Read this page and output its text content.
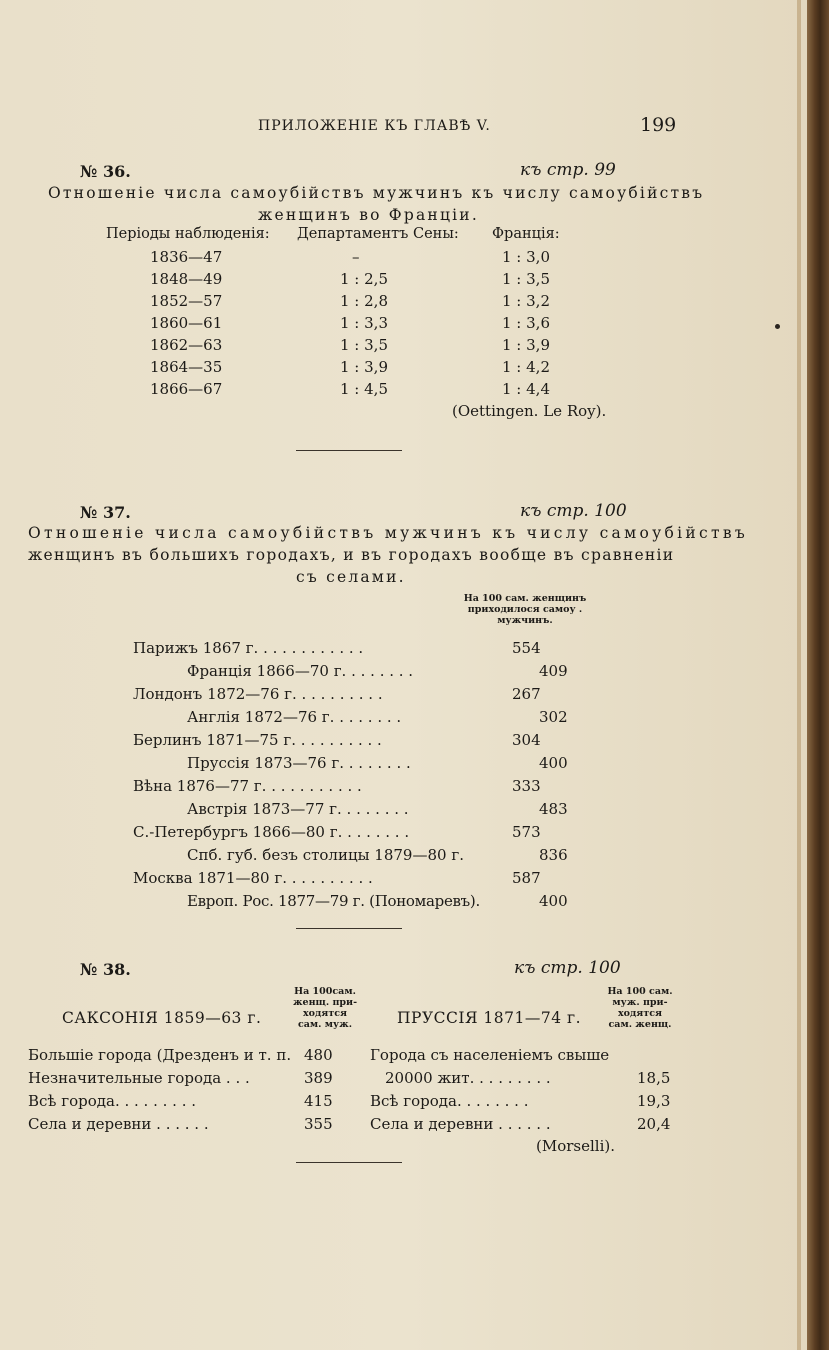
ПРИЛОЖЕНІЕ КЪ ГЛАВѢ V.	199
№ 36.	къ стр. 99
Отношеніе числа самоубійствъ мужчинъ къ числу самоубійствъ
женщинъ во Франціи.
Періоды наблюденія: Департаментъ Сены: Франція:
1836—47	–	1 : 3,0
1848—49	1 : 2,5	1 : 3,5
1852—57	1 : 2,8	1 : 3,2
1860—61	1 : 3,3	1 : 3,6
1862—63	1 : 3,5	1 : 3,9
1864—35	1 : 3,9	1 : 4,2
1866—67	1 : 4,5	1 : 4,4
(Oettingen. Le Roy).
№ 37.	къ стр. 100
Отношеніе числа самоубійствъ мужчинъ къ числу самоубійствъ
женщинъ въ большихъ городахъ, и въ городахъ вообще въ сравненіи
съ селами.
На 100 сам. женщинъ
приходилося самоу .
мужчинъ.
Парижъ 1867 г. . . . . . . . . . . .	554
Франція 1866—70 г. . . . . . . .	409
Лондонъ 1872—76 г. . . . . . . . . .	267
Англія 1872—76 г. . . . . . . .	302
Берлинъ 1871—75 г. . . . . . . . . .	304
Пруссія 1873—76 г. . . . . . . .	400
Вѣна 1876—77 г. . . . . . . . . . .	333
Австрія 1873—77 г. . . . . . . .	483
С.-Петербургъ 1866—80 г. . . . . . . .	573
Спб. губ. безъ столицы 1879—80 г.	836
Москва 1871—80 г. . . . . . . . . .	587
Европ. Рос. 1877—79 г. (Пономаревъ).	400
№ 38.	къ стр. 100
САКСОНІЯ 1859—63 г.
На 100сам.
женщ. при-
ходятся
сам. муж.	ПРУССІЯ 1871—74 г.
На 100 сам.
муж. при-
ходятся
сам. женщ.
Большіе города (Дрезденъ и т. п. 480
Незначительные города . . .	389
Всѣ города. . . . . . . . .	415
Села и деревни . . . . . .	355
Города съ населеніемъ свыше
20000 жит. . . . . . . . .	18,5
Всѣ города. . . . . . . .	19,3
Села и деревни . . . . . .	20,4
(Morselli).
